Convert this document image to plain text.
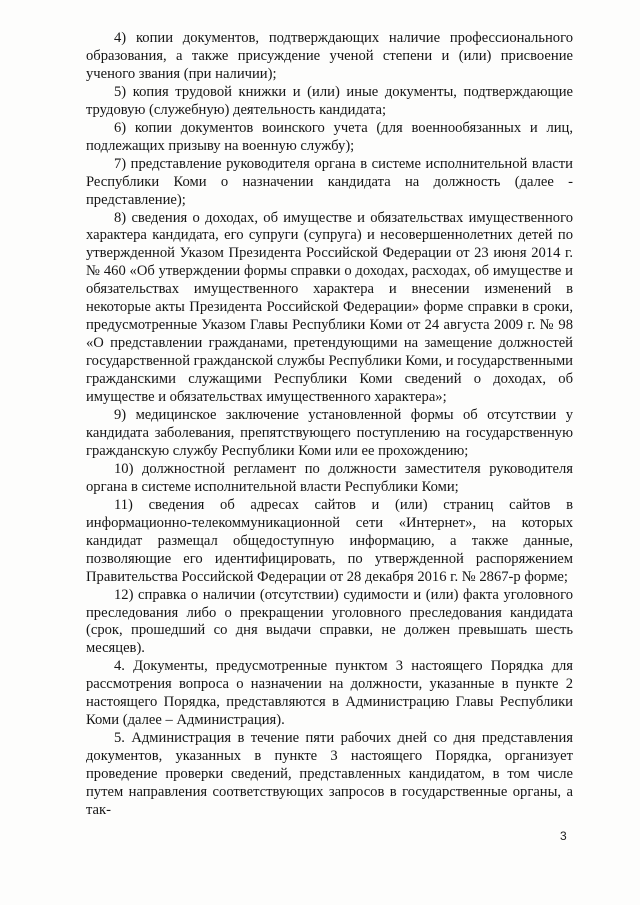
4) копии документов, подтверждающих наличие профессионального образования, а также присуждение ученой степени и (или) присвоение ученого звания (при наличии);

5) копия трудовой книжки и (или) иные документы, подтверждающие трудовую (служебную) деятельность кандидата;

6) копии документов воинского учета (для военнообязанных и лиц, подлежащих призыву на военную службу);

7) представление руководителя органа в системе исполнительной власти Республики Коми о назначении кандидата на должность (далее - представление);

8) сведения о доходах, об имуществе и обязательствах имущественного характера кандидата, его супруги (супруга) и несовершеннолетних детей по утвержденной Указом Президента Российской Федерации от 23 июня 2014 г. № 460 «Об утверждении формы справки о доходах, расходах, об имуществе и обязательствах имущественного характера и внесении изменений в некоторые акты Президента Российской Федерации» форме справки в сроки, предусмотренные Указом Главы Республики Коми от 24 августа 2009 г. № 98 «О представлении гражданами, претендующими на замещение должностей государственной гражданской службы Республики Коми, и государственными гражданскими служащими Республики Коми сведений о доходах, об имуществе и обязательствах имущественного характера»;

9) медицинское заключение установленной формы об отсутствии у кандидата заболевания, препятствующего поступлению на государственную гражданскую службу Республики Коми или ее прохождению;

10) должностной регламент по должности заместителя руководителя органа в системе исполнительной власти Республики Коми;

11) сведения об адресах сайтов и (или) страниц сайтов в информационно-телекоммуникационной сети «Интернет», на которых кандидат размещал общедоступную информацию, а также данные, позволяющие его идентифицировать, по утвержденной распоряжением Правительства Российской Федерации от 28 декабря 2016 г. № 2867-р форме;

12) справка о наличии (отсутствии) судимости и (или) факта уголовного преследования либо о прекращении уголовного преследования кандидата (срок, прошедший со дня выдачи справки, не должен превышать шесть месяцев).

4. Документы, предусмотренные пунктом 3 настоящего Порядка для рассмотрения вопроса о назначении на должности, указанные в пункте 2 настоящего Порядка, представляются в Администрацию Главы Республики Коми (далее – Администрация).

5. Администрация в течение пяти рабочих дней со дня представления документов, указанных в пункте 3 настоящего Порядка, организует проведение проверки сведений, представленных кандидатом, в том числе путем направления соответствующих запросов в государственные органы, а так-

3
